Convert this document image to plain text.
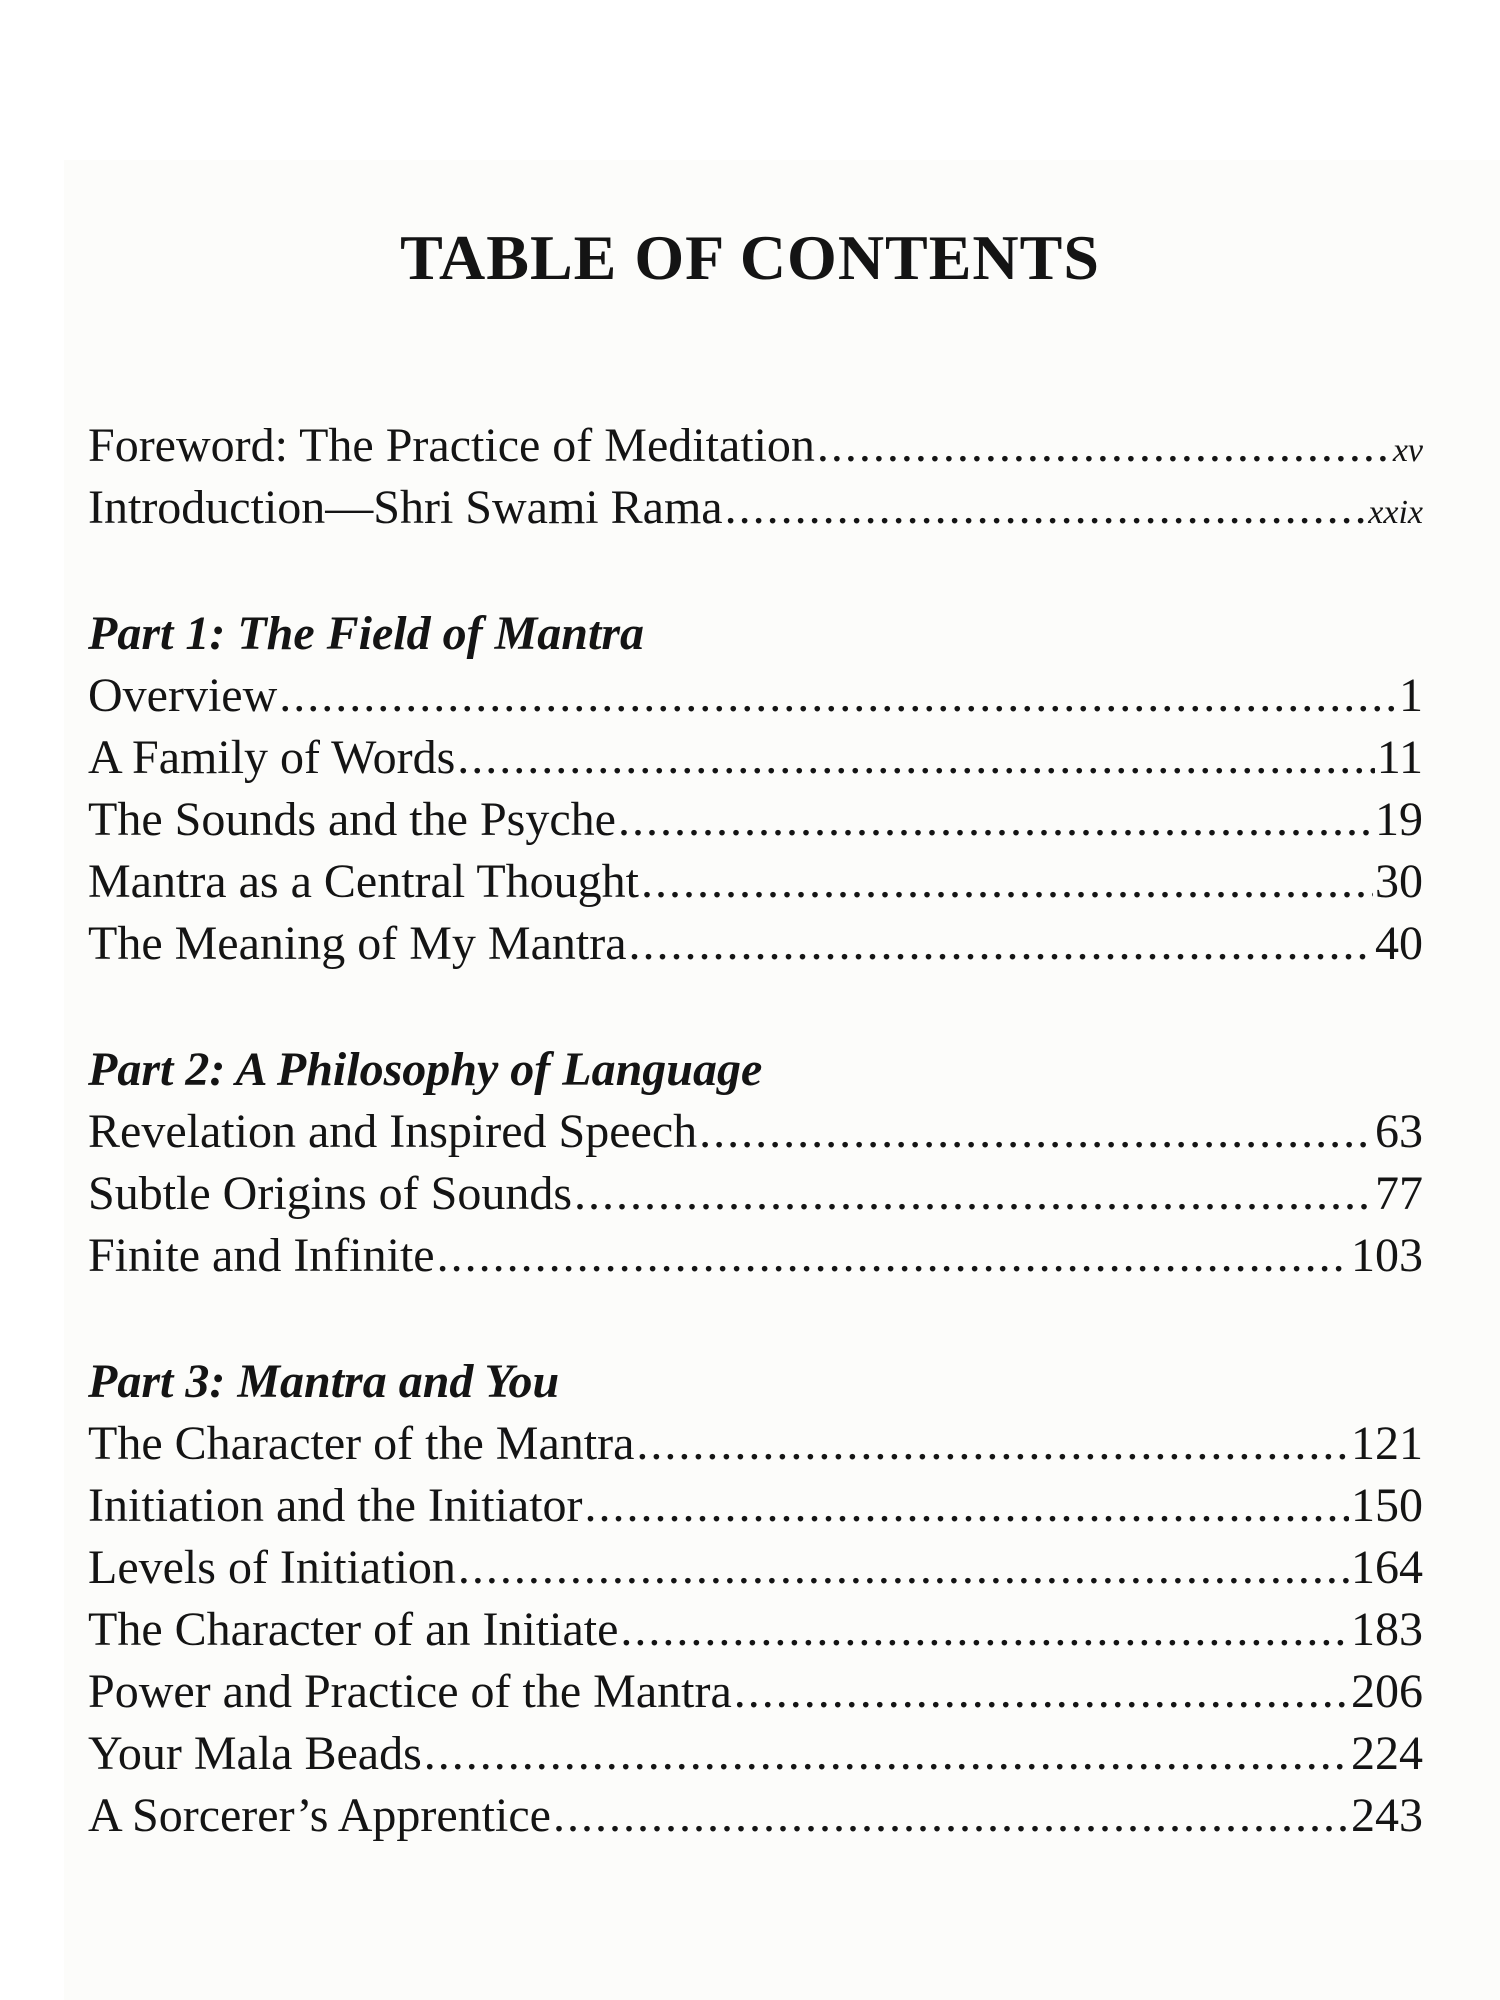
TABLE OF CONTENTS
Foreword: The Practice of Meditation .....	xv
Introduction—Shri Swami Rama .....	xxix
Part 1: The Field of Mantra
Overview .....	1
A Family of Words .....	11
The Sounds and the Psyche .....	19
Mantra as a Central Thought .....	30
The Meaning of My Mantra .....	40
Part 2: A Philosophy of Language
Revelation and Inspired Speech .....	63
Subtle Origins of Sounds .....	77
Finite and Infinite .....	103
Part 3: Mantra and You
The Character of the Mantra .....	121
Initiation and the Initiator .....	150
Levels of Initiation .....	164
The Character of an Initiate .....	183
Power and Practice of the Mantra .....	206
Your Mala Beads .....	224
A Sorcerer’s Apprentice .....	243
